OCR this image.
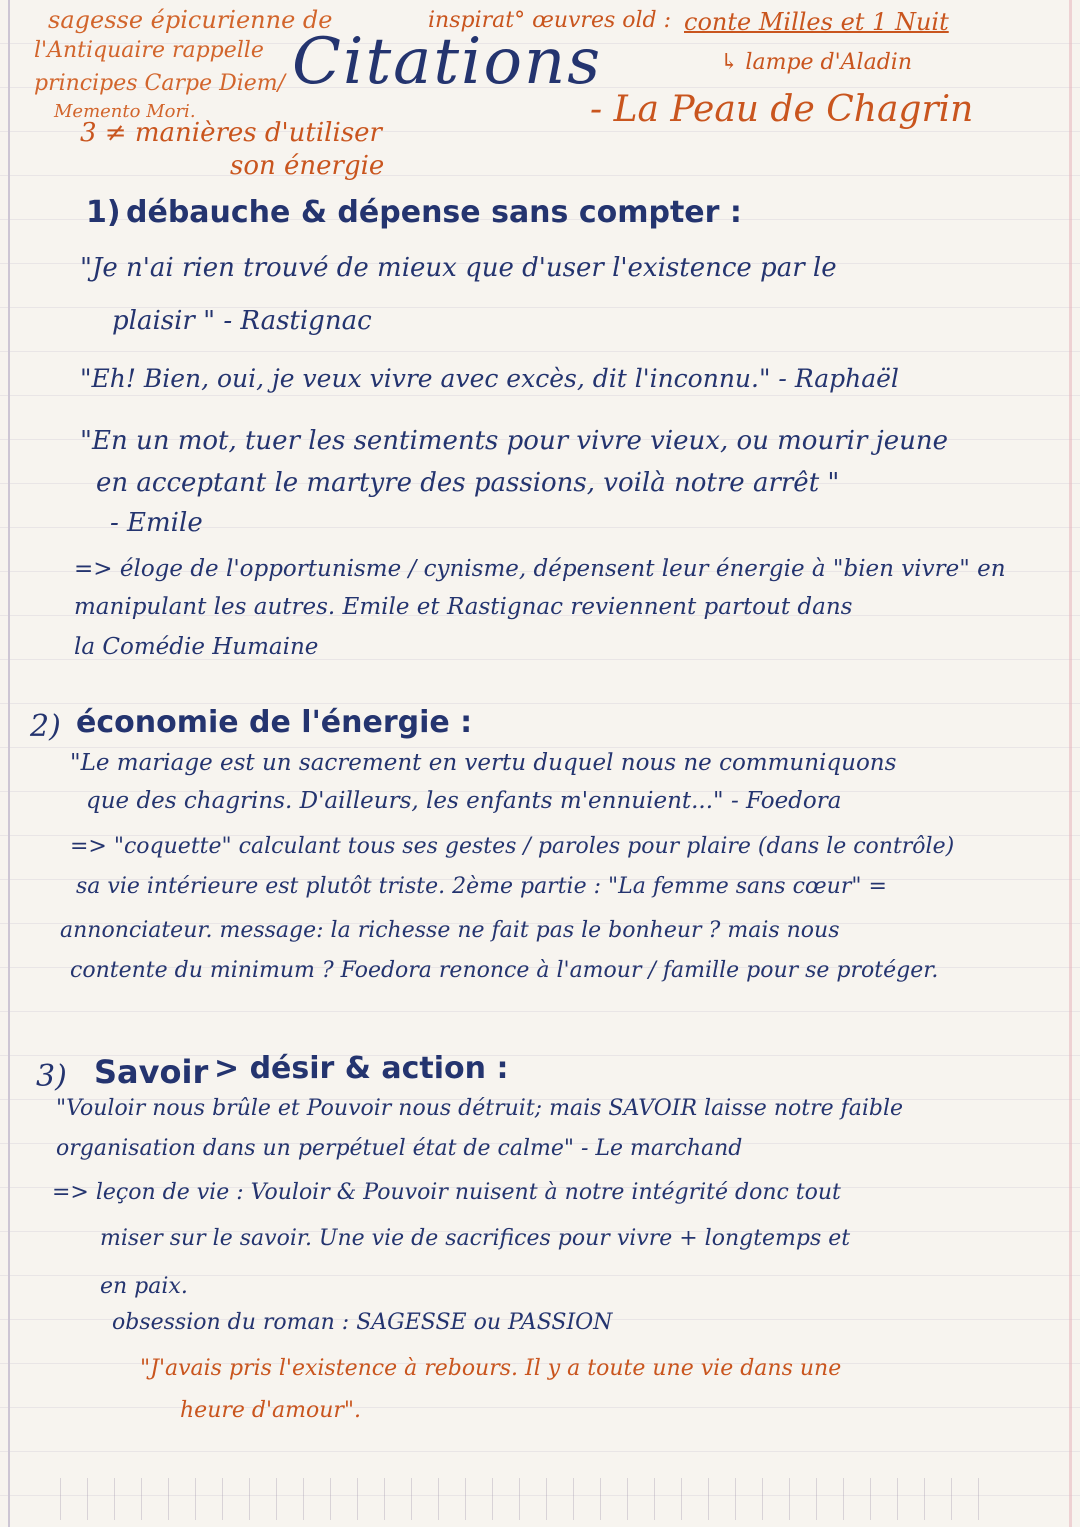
sagesse épicurienne de
l'Antiquaire rappelle
principes Carpe Diem/
Memento Mori.
inspirat° œuvres old : conte Milles et 1 Nuit
↳ lampe d'Aladin
Citations
- La Peau de Chagrin
3 ≠ manières d'utiliser
son énergie
1) débauche & dépense sans compter :
"Je n'ai rien trouvé de mieux que d'user l'existence par le
plaisir " - Rastignac
"Eh! Bien, oui, je veux vivre avec excès, dit l'inconnu." - Raphaël
"En un mot, tuer les sentiments pour vivre vieux, ou mourir jeune
en acceptant le martyre des passions, voilà notre arrêt "
- Emile
=> éloge de l'opportunisme / cynisme, dépensent leur énergie à "bien vivre" en
manipulant les autres. Emile et Rastignac reviennent partout dans
la Comédie Humaine
2) économie de l'énergie :
"Le mariage est un sacrement en vertu duquel nous ne communiquons
que des chagrins. D'ailleurs, les enfants m'ennuient..." - Foedora
=> "coquette" calculant tous ses gestes / paroles pour plaire (dans le contrôle)
sa vie intérieure est plutôt triste. 2ème partie : "La femme sans cœur" =
annonciateur. message: la richesse ne fait pas le bonheur ? mais nous
contente du minimum ? Foedora renonce à l'amour / famille pour se protéger.
3) Savoir > désir & action :
"Vouloir nous brûle et Pouvoir nous détruit; mais SAVOIR laisse notre faible
organisation dans un perpétuel état de calme" - Le marchand
=> leçon de vie : Vouloir & Pouvoir nuisent à notre intégrité donc tout
miser sur le savoir. Une vie de sacrifices pour vivre + longtemps et
en paix.
obsession du roman : SAGESSE ou PASSION
"J'avais pris l'existence à rebours. Il y a toute une vie dans une
heure d'amour".
